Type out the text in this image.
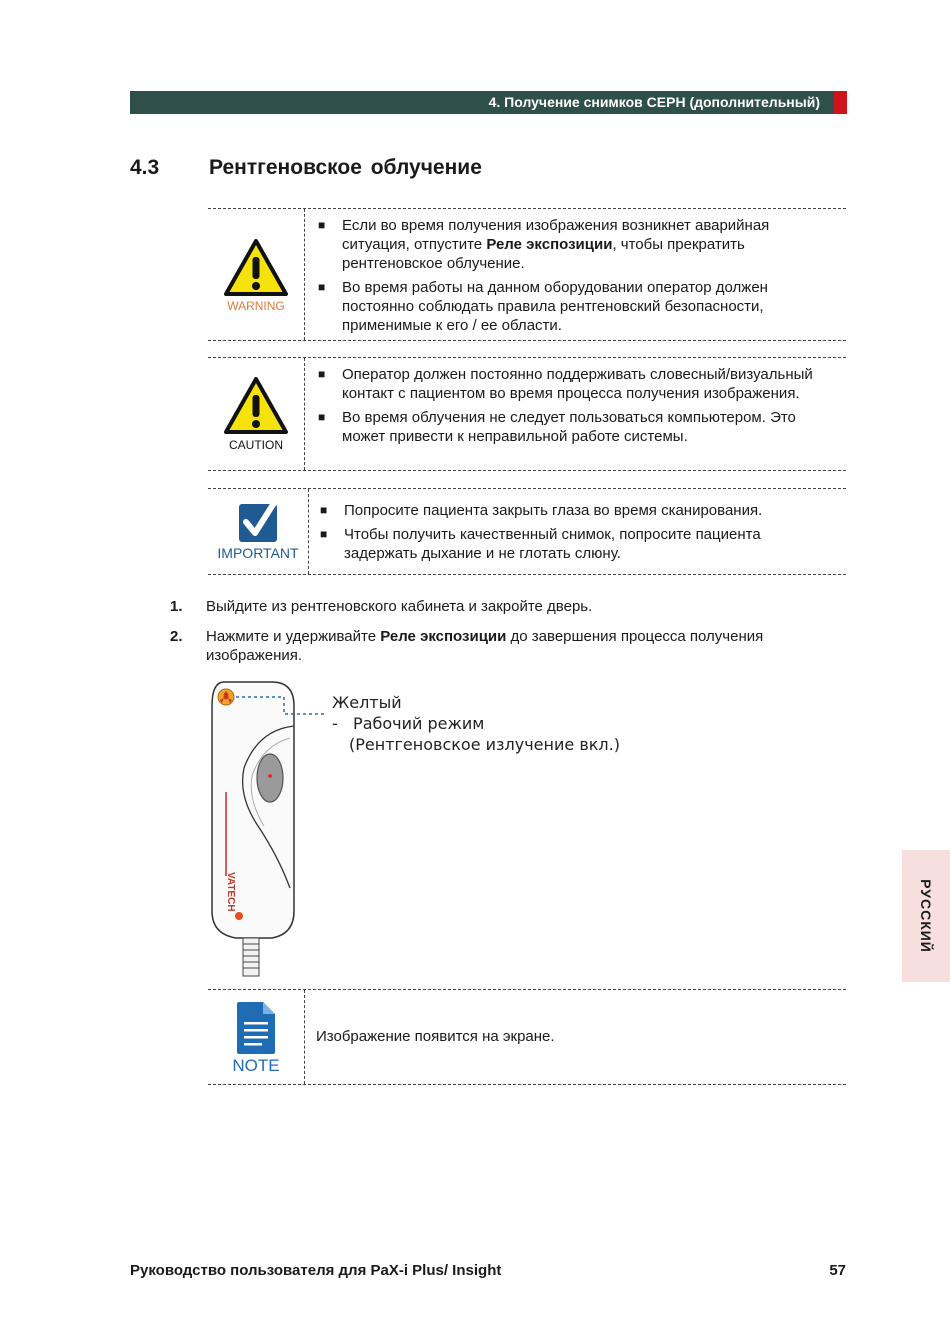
4. Получение снимков CEPH (дополнительный)
4.3 Рентгеновское облучение
WARNING
■ Если во время получения изображения возникнет аварийная ситуация, отпустите Реле экспозиции, чтобы прекратить рентгеновское облучение.
■ Во время работы на данном оборудовании оператор должен постоянно соблюдать правила рентгеновский безопасности, применимые к его / ее области.
CAUTION
■ Оператор должен постоянно поддерживать словесный/визуальный контакт с пациентом во время процесса получения изображения.
■ Во время облучения не следует пользоваться компьютером. Это может привести к неправильной работе системы.
IMPORTANT
■ Попросите пациента закрыть глаза во время сканирования.
■ Чтобы получить качественный снимок, попросите пациента задержать дыхание и не глотать слюну.
1. Выйдите из рентгеновского кабинета и закройте дверь.
2. Нажмите и удерживайте Реле экспозиции до завершения процесса получения изображения.
VATECH
Желтый
- Рабочий режим
(Рентгеновское излучение вкл.)
NOTE
Изображение появится на экране.
РУССКИЙ
Руководство пользователя для PaX-i Plus/ Insight	57
